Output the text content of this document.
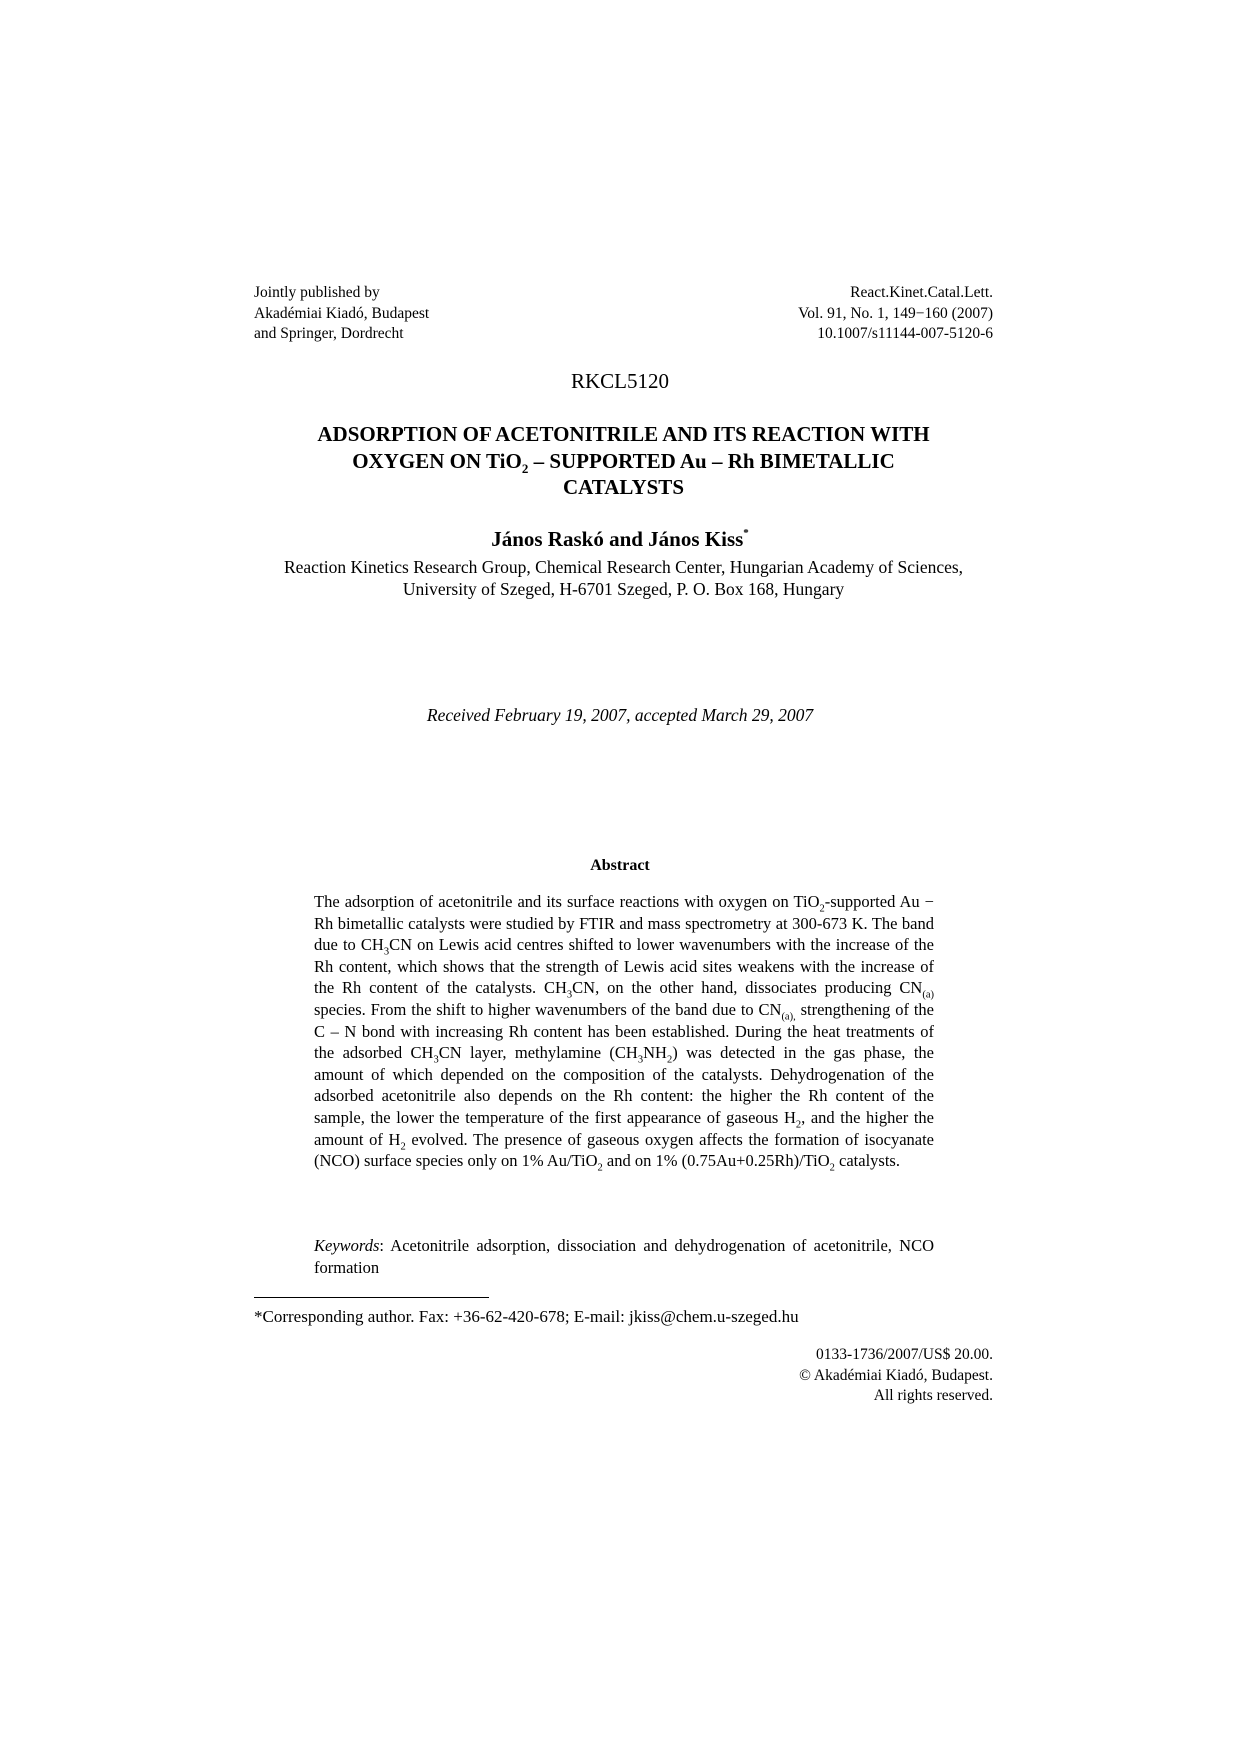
Jointly published by
Akadémiai Kiadó, Budapest
and Springer, Dordrecht
React.Kinet.Catal.Lett.
Vol. 91, No. 1, 149−160 (2007)
10.1007/s11144-007-5120-6
RKCL5120
ADSORPTION OF ACETONITRILE AND ITS REACTION WITH
OXYGEN ON TiO$_2$ – SUPPORTED Au – Rh BIMETALLIC
CATALYSTS
János Raskó and János Kiss*
Reaction Kinetics Research Group, Chemical Research Center, Hungarian Academy of Sciences,
University of Szeged, H-6701 Szeged, P. O. Box 168, Hungary
Received February 19, 2007, accepted March 29, 2007
Abstract
The adsorption of acetonitrile and its surface reactions with oxygen on TiO$_2$-supported Au − Rh bimetallic catalysts were studied by FTIR and mass spectrometry at 300-673 K. The band due to $CH_3CN$ on Lewis acid centres shifted to lower wavenumbers with the increase of the Rh content, which shows that the strength of Lewis acid sites weakens with the increase of the Rh content of the catalysts. $CH_3CN$, on the other hand, dissociates producing $CN_{(a)}$ species. From the shift to higher wavenumbers of the band due to $CN_{(a),}$ strengthening of the C – N bond with increasing Rh content has been established. During the heat treatments of the adsorbed $CH_3CN$ layer, methylamine $(CH_3NH_2)$ was detected in the gas phase, the amount of which depended on the composition of the catalysts. Dehydrogenation of the adsorbed acetonitrile also depends on the Rh content: the higher the Rh content of the sample, the lower the temperature of the first appearance of gaseous $H_2$, and the higher the amount of $H_2$ evolved. The presence of gaseous oxygen affects the formation of isocyanate (NCO) surface species only on 1% Au/TiO$_2$ and on 1% (0.75Au+0.25Rh)/TiO$_2$ catalysts.
Keywords: Acetonitrile adsorption, dissociation and dehydrogenation of acetonitrile, NCO formation
*Corresponding author. Fax: +36-62-420-678; E-mail: jkiss@chem.u-szeged.hu
0133-1736/2007/US$ 20.00.
© Akadémiai Kiadó, Budapest.
All rights reserved.
